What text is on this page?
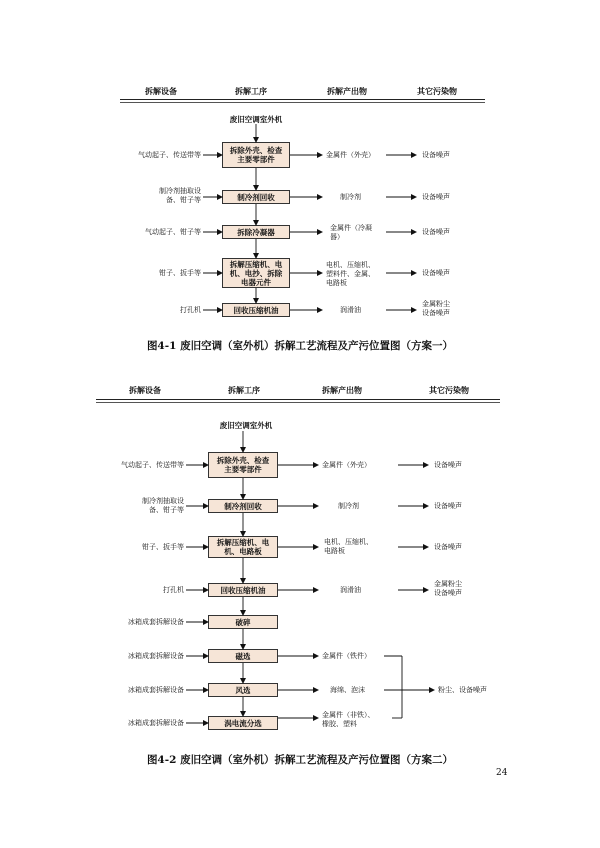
拆解设备	拆解工序	拆解产出物	其它污染物
废旧空调室外机
拆除外壳、检查
主要零部件
制冷剂回收
拆除冷凝器
拆解压缩机、电
机、电抄、拆除
电器元件
回收压缩机油
气动起子、传送带等
制冷剂抽取设
备、钳子等
气动起子、钳子等
钳子、扳手等
打孔机
金属件（外壳）
制冷剂
金属件（冷凝
器）
电机、压缩机、
塑料件、金属、
电路板
润滑油
设备噪声
设备噪声
设备噪声
设备噪声
金属粉尘
设备噪声
图4-1 废旧空调（室外机）拆解工艺流程及产污位置图（方案一）
拆解设备	拆解工序	拆解产出物	其它污染物
废旧空调室外机
拆除外壳、检查
主要零部件
制冷剂回收
拆解压缩机、电
机、电路板
回收压缩机油
破碎
磁选
风选
涡电流分选
气动起子、传送带等
制冷剂抽取设
备、钳子等
钳子、扳手等
打孔机
冰箱成套拆解设备
冰箱成套拆解设备
冰箱成套拆解设备
冰箱成套拆解设备
金属件（外壳）
制冷剂
电机、压缩机、
电路板
润滑油
金属件（铁件）
海绵、泡沫
金属件（非铁）、
橡胶、塑料
设备噪声
设备噪声
设备噪声
金属粉尘
设备噪声
粉尘、设备噪声
图4-2 废旧空调（室外机）拆解工艺流程及产污位置图（方案二）
24
